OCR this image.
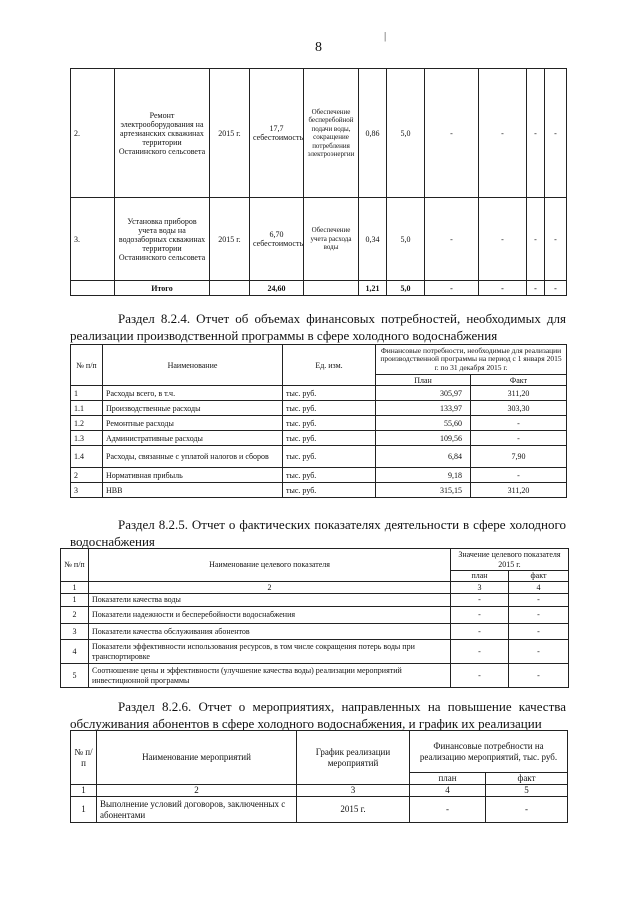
8
|
2.	Ремонт электрооборудования на артезианских скважинах территории Останинского сельсовета	2015 г.	17,7 себестоимость	Обеспечение бесперебойной подачи воды, сокращение потребления электроэнергии	0,86	5,0	-	-	-	-
3.	Установка приборов учета воды на водозаборных скважинах территории Останинского сельсовета	2015 г.	6,70 себестоимость	Обеспечение учета расхода воды	0,34	5,0	-	-	-	-
	Итого		24,60		1,21	5,0	-	-	-	-
Раздел 8.2.4. Отчет об объемах финансовых потребностей, необходимых для
реализации производственной программы в сфере холодного водоснабжения
№ п/п	Наименование	Ед. изм.	Финансовые потребности, необходимые для реализации производственной программы на период с 1 января 2015 г. по 31 декабря 2015 г.	
			План	Факт
1	Расходы всего, в т.ч.	тыс. руб.	305,97	311,20
1.1	Производственные расходы	тыс. руб.	133,97	303,30
1.2	Ремонтные расходы	тыс. руб.	55,60	-
1.3	Административные расходы	тыс. руб.	109,56	-
1.4	Расходы, связанные с уплатой налогов и сборов	тыс. руб.	6,84	7,90
2	Нормативная прибыль	тыс. руб.	9,18	-
3	НВВ	тыс. руб.	315,15	311,20
Раздел 8.2.5. Отчет о фактических показателях деятельности в сфере холодного
водоснабжения
№ п/п	Наименование целевого показателя	Значение целевого показателя 2015 г.	
		план	факт
1	2	3	4
1	Показатели качества воды	-	-
2	Показатели надежности и бесперебойности водоснабжения	-	-
3	Показатели качества обслуживания абонентов	-	-
4	Показатели эффективности использования ресурсов, в том числе сокращения потерь воды при транспортировке	-	-
5	Соотношение цены и эффективности (улучшение качества воды) реализации мероприятий инвестиционной программы	-	-
Раздел 8.2.6. Отчет о мероприятиях, направленных на повышение качества
обслуживания абонентов в сфере холодного водоснабжения, и график их реализации
№ п/п	Наименование мероприятий	График реализации мероприятий	Финансовые потребности на реализацию мероприятий, тыс. руб.	
			план	факт
1	2	3	4	5
1	Выполнение условий договоров, заключенных с абонентами	2015 г.	-	-
